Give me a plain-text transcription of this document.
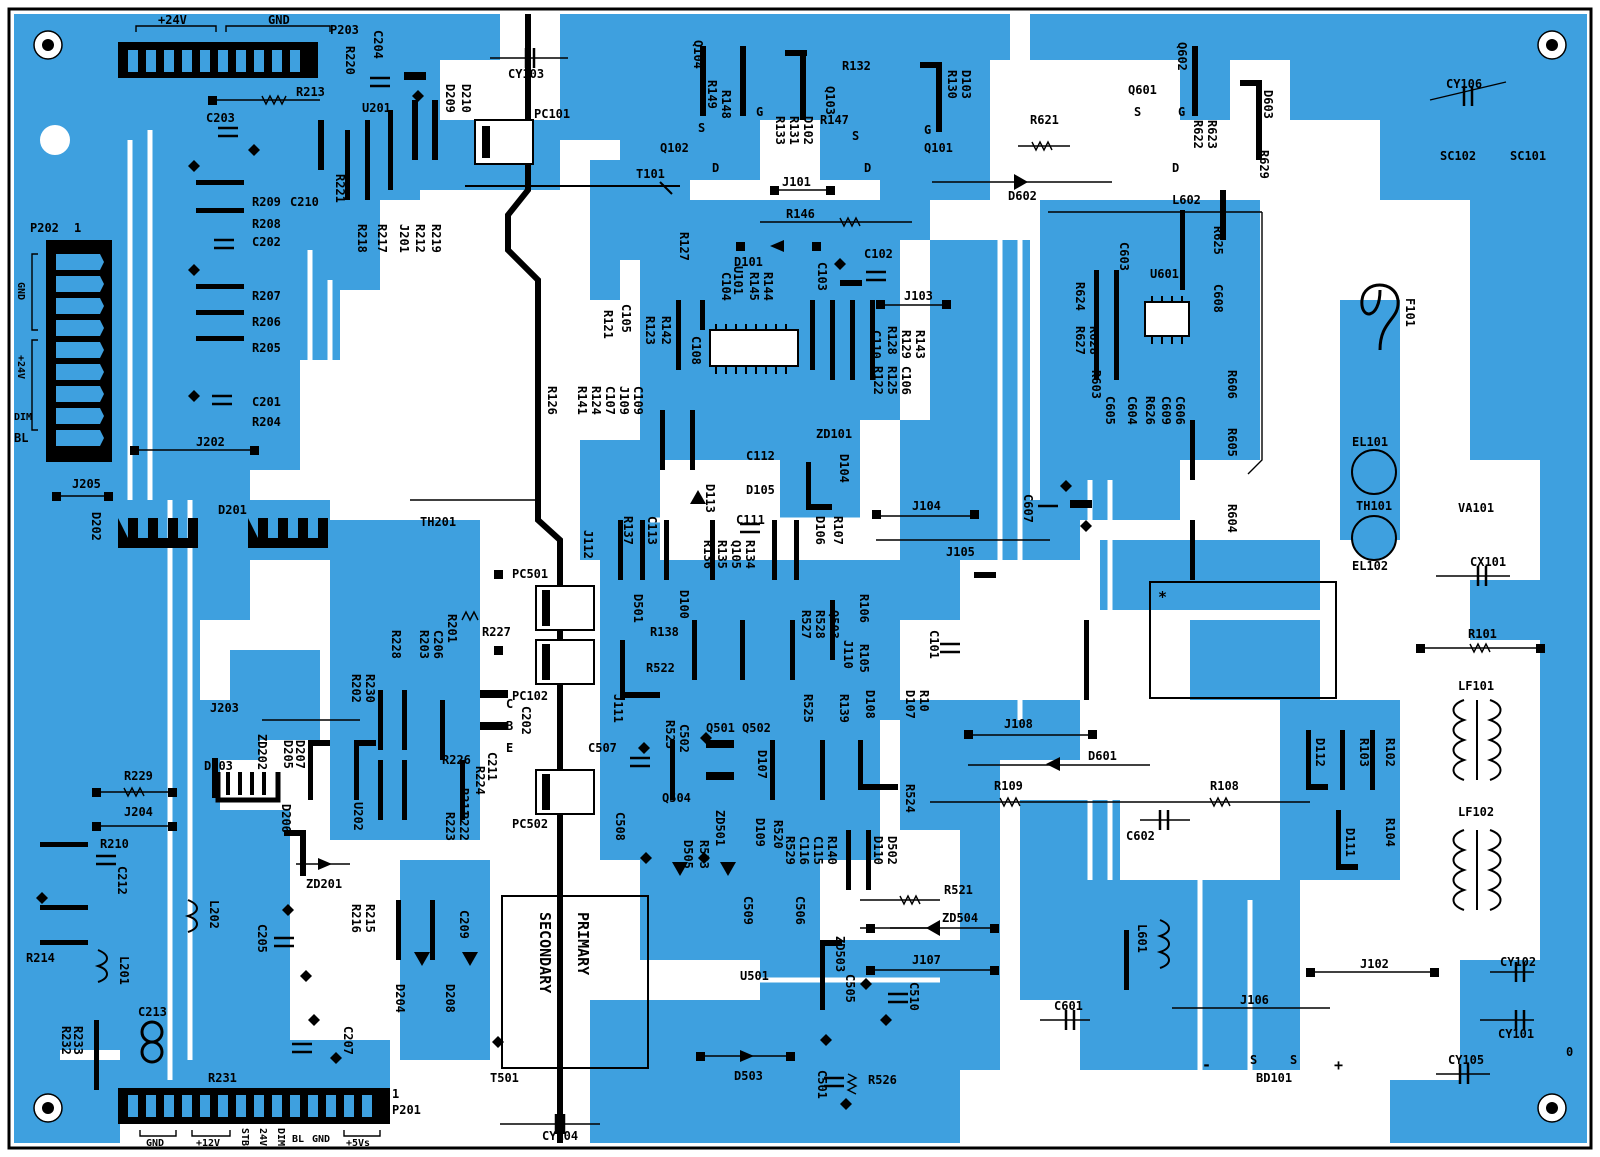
+24V	GND
P203
P202 1
GND
+24V
DIM
BL
GND	+12V STB 24V DIM BL GND +5Vs
1
P201
SECONDARY PRIMARY
T501
T101
*
CY103
PC101
R213
C204
U201	D209 D210
R220
C203
R209 C210
R208
C202
R207
R206
R205
C201
R204
J202
J205
D202
D201
R221
R218 R217 J201 R212 R219
Q104
R149 R148
R133 R131 D102
Q102
R132
Q103
R147
D103
R130
Q101
J101
R146
R127
D101
R145 R144
C104	C103
C102
J103
R142
R123
R121 C105
C108	R128 R129 R143
C110
C106
R125
R122
R126 R141 R124 C107 J109 C109
U101
Q602
Q601	D603
R623
R622
R629
R621
D602	L602
R625
C603
U601
C608
R624
R628
R627
R603	R606
C605 C604 R626 C609 C606
R605
R604
C607
CY106
SC102	SC101
F101
EL101
TH101
EL102
VA101
CX101
R101
LF101
R102
R103
D112
D111 R104
LF102
L601
J102	CY102
CY101
CY105
J106
C601
C602
R108
R109
J108
D601
C112
ZD101
D104
D105
D113
C111
J104
R107
D106
J105
J112 R137 C113
R135
R136 R134
Q105
R106
D501	D100
R138	R527 R528 Q503
J110	C101
R522	R105
J111	R525 R139 D108 D107 R10
R524
Q501 Q502
C507	R523 C502
Q504
C508	ZD501 D109
D107
R520
R529 C116 C115 R140	D502
D110
D505 R533
R521
ZD504
C509	C506
ZD503
C505	C510
J107
U501
D503	C501	R526
TH201
PC501
R201 R227
C206
R203
R228
R230
R202
ZD202
D203
J203
D205
D207	R226
PC102
C202
R224
R211
C211
R229
J204	D206	U202	R222
R223
ZD201
PC502
R210
C212
L202	R215
R216
C205	C209
D204	D208
R214	L201
C213
R233
R232
R231
C207
CY104
S
G
D
S	G
D
S	G
D
C
B
E
BD101
-	S	S +
0
